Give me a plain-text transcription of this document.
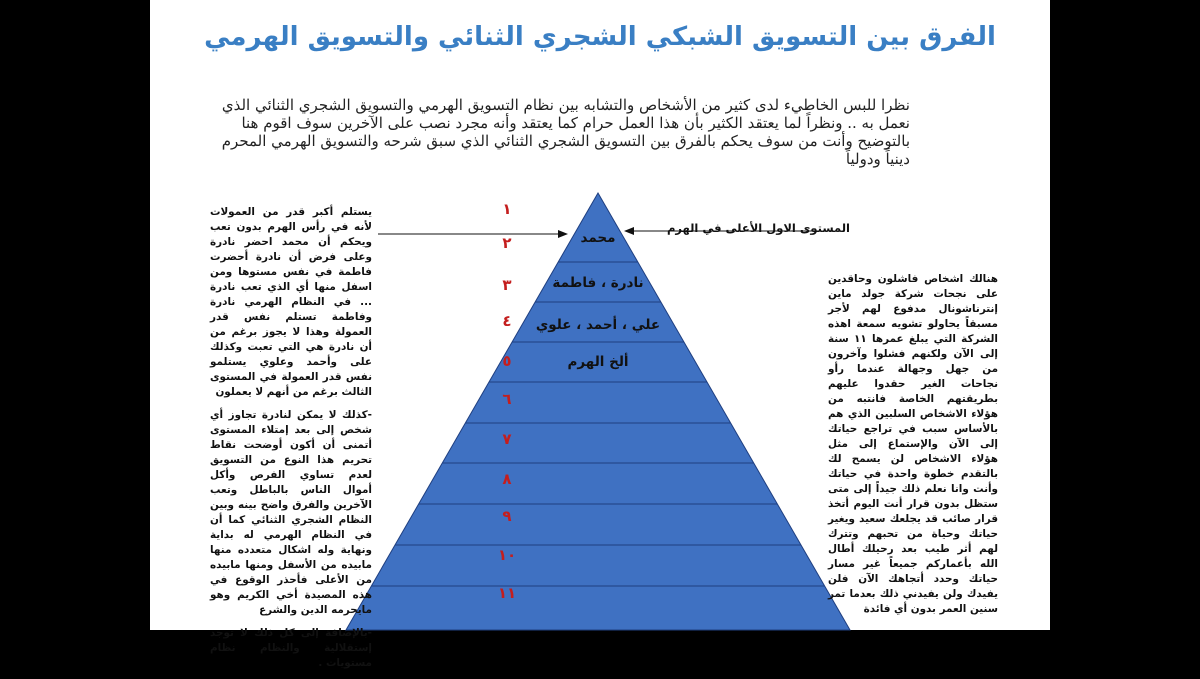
الفرق بين التسويق الشبكي الشجري الثنائي والتسويق الهرمي
نظرا للبس الخاطيء لدى كثير من الأشخاص والتشابه بين نظام التسويق الهرمي والتسويق الشجري الثنائي الذي نعمل به .. ونظراً لما يعتقد الكثير بأن هذا العمل حرام كما يعتقد وأنه مجرد نصب على الآخرين سوف اقوم هنا بالتوضيح وأنت من سوف يحكم بالفرق بين التسويق الشجري الثنائي الذي سبق شرحه والتسويق الهرمي المحرم دينياً ودولياً
محمد
نادرة ، فاطمة
علي ، أحمد ، علوي
ألخ الهرم
١
٢
٣
٤
٥
٦
٧
٨
٩
١٠
١١
المستوى الاول الأعلى في الهرم

يستلم أكبر قدر من العمولات لأنه في رأس الهرم بدون تعب ويحكم أن محمد احضر نادرة وعلى فرض أن نادرة أحضرت فاطمة في نفس مستوها ومن اسفل منها أي الذي تعب نادرة ... في النظام الهرمي نادرة وفاطمة تستلم نفس قدر العمولة وهذا لا يجوز برغم من أن نادرة هي التي تعبت وكذلك على وأحمد وعلوي يستلمو نفس قدر العمولة في المستوى الثالث برغم من أنهم لا يعملون

-كذلك لا يمكن لنادرة تجاوز أي شخص إلى بعد إمتلاء المستوى أتمنى أن أكون أوضحت نقاط تحريم هذا النوع من التسويق لعدم تساوي الفرص وأكل أموال الناس بالباطل وتعب الآخرين والفرق واضح بينه وبين النظام الشجري الثنائي كما أن في النظام الهرمي له بداية ونهاية وله اشكال متعدده منها مابيده من الأسفل ومنها مابيده من الأعلى فأحذر الوقوع في هذه المصيدة أخي الكريم وهو مايحرمه الدين والشرع

-بالإضافة إلى كل ذلك لا توجد إستقلالية والنظام نظام مستويات .

هنالك اشخاص فاشلون وحاقدين على نجحات شركة جولد ماين إنترناشونال مدفوع لهم لأجر مسبقاً يحاولو تشويه سمعة اهذه الشركة التي يبلغ عمرها ١١ سنة إلى الآن ولكنهم فشلوا وآخرون من جهل وجهالة عندما رأو نجاحات الغير حقدوا عليهم بطريقتهم الخاصة فانتبه من هؤلاء الاشخاص السلبين الذي هم بالأساس سبب في تراجع حياتك إلى الآن والإستماع إلى مثل هؤلاء الاشخاص لن يسمح لك بالتقدم خطوة واحدة في حياتك وأنت وانا نعلم ذلك جيداً إلى متى ستظل بدون قرار أنت اليوم أتخذ قرار صائب قد يجلعك سعيد ويغير حياتك وحياة من تحبهم وتترك لهم أثر طيب بعد رحيلك أطال الله بأعماركم جميعاً غير مسار حياتك وحدد أتجاهك الآن فلن يفيدك ولن يفيدني ذلك بعدما تمر سنين العمر بدون أي فائدة
